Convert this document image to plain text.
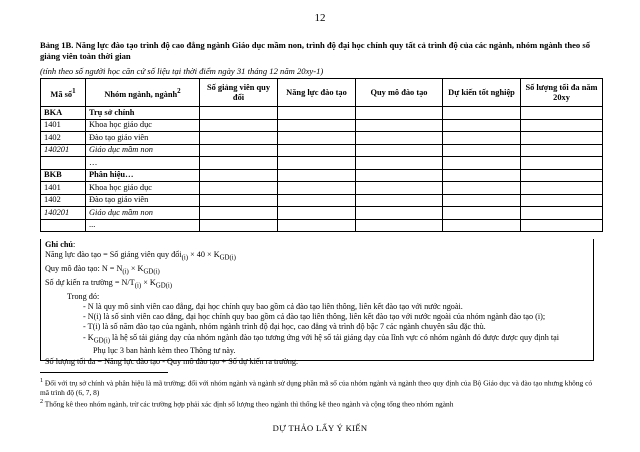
12
Bảng 1B. Năng lực đào tạo trình độ cao đẳng ngành Giáo dục mầm non, trình độ đại học chính quy tất cả trình độ của các ngành, nhóm ngành theo số giảng viên toàn thời gian
(tính theo số người học căn cứ số liệu tại thời điểm ngày 31 tháng 12 năm 20xy-1)
Mã số$^1$	Nhóm ngành, ngành$^2$	Số giảng viên quy đổi	Năng lực đào tạo	Quy mô đào tạo	Dự kiến tốt nghiệp	Số lượng tối đa năm 20xy
BKA	Trụ sở chính					
1401	Khoa học giáo dục					
1402	Đào tạo giáo viên					
140201	Giáo dục mầm non					
	…					
BKB	Phân hiệu…					
1401	Khoa học giáo dục					
1402	Đào tạo giáo viên					
140201	Giáo dục mầm non					
	...					
Ghi chú:
Năng lực đào tạo = Số giảng viên quy đổi$_{(i)}$ × $40 \times K_{GD(i)}$
Quy mô đào tạo: $N = N_{(i)} \times K_{GD(i)}$
Số dự kiến ra trường = $N/T_{(i)} \times K_{GD(i)}$
Trong đó:
- N là quy mô sinh viên cao đẳng, đại học chính quy bao gồm cả đào tạo liên thông, liên kết đào tạo với nước ngoài.
- N(i) là số sinh viên cao đẳng, đại học chính quy bao gồm cả đào tạo liên thông, liên kết đào tạo với nước ngoài của nhóm ngành đào tạo (i);
- T(i) là số năm đào tạo của ngành, nhóm ngành trình độ đại học, cao đẳng và trình độ bậc 7 các ngành chuyên sâu đặc thù.
- $K_{GD(i)}$ là hệ số tải giảng dạy của nhóm ngành đào tạo tương ứng với hệ số tải giảng dạy của lĩnh vực có nhóm ngành đó được được quy định tại
Phụ lục 3 ban hành kèm theo Thông tư này.
Số lượng tối đa = Năng lực đào tạo - Quy mô đào tạo + Số dự kiến ra trường.
$^1$ Đối với trụ sở chính và phân hiệu là mã trường; đối với nhóm ngành và ngành sử dụng phần mã số của nhóm ngành và ngành theo quy định của Bộ Giáo dục và đào tạo nhưng không có mã trình độ (6, 7, 8)
$^2$ Thống kê theo nhóm ngành, trừ các trường hợp phải xác định số lượng theo ngành thì thống kê theo ngành và cộng tổng theo nhóm ngành
DỰ THẢO LẤY Ý KIẾN
